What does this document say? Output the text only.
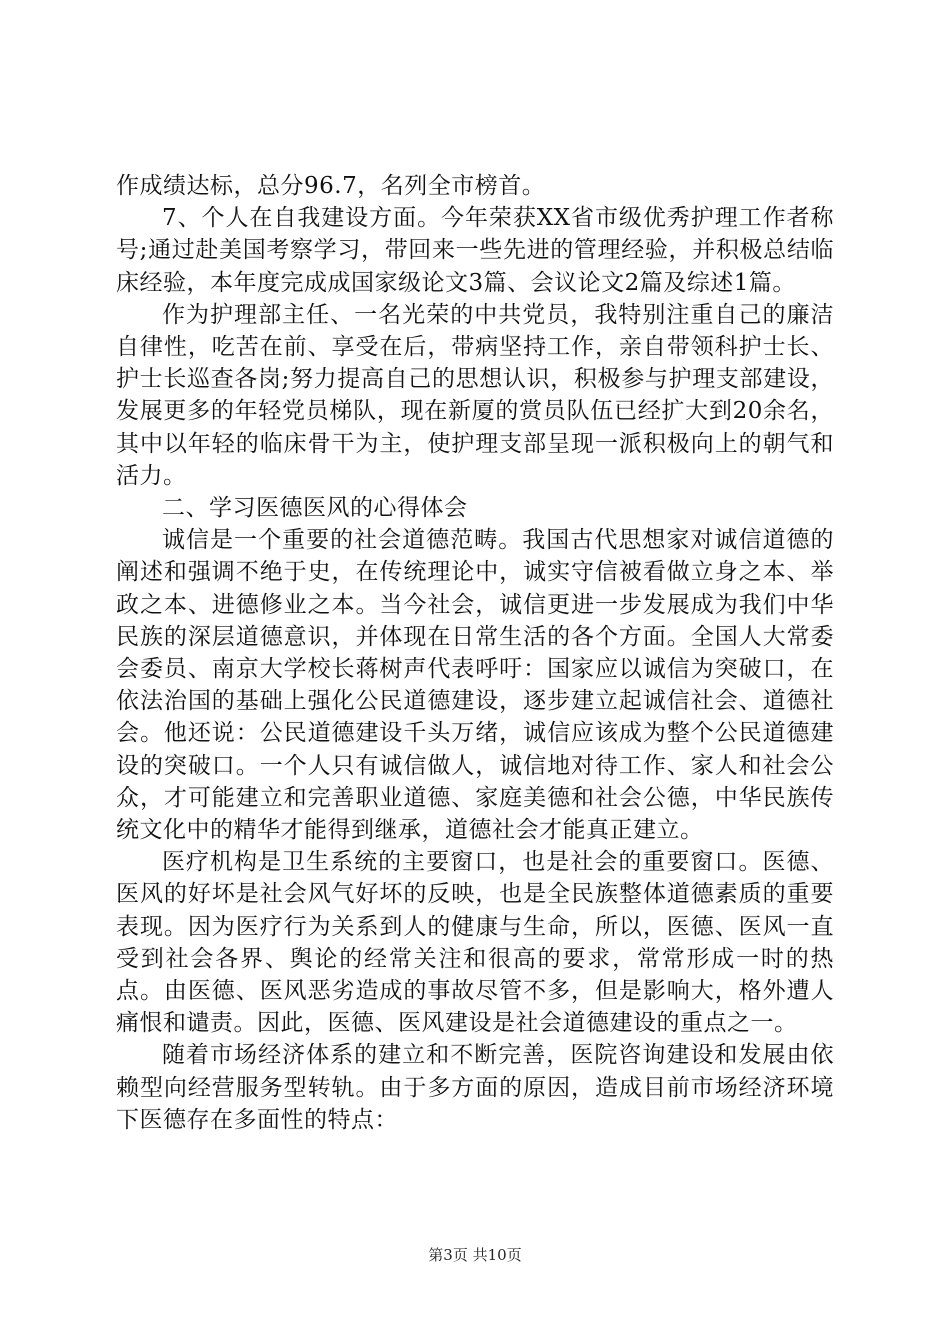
作成绩达标，总分96.7，名列全市榜首。

7、个人在自我建设方面。今年荣获XX省市级优秀护理工作者称号;通过赴美国考察学习，带回来一些先进的管理经验，并积极总结临床经验，本年度完成成国家级论文3篇、会议论文2篇及综述1篇。

作为护理部主任、一名光荣的中共党员，我特别注重自己的廉洁自律性，吃苦在前、享受在后，带病坚持工作，亲自带领科护士长、护士长巡查各岗;努力提高自己的思想认识，积极参与护理支部建设，发展更多的年轻党员梯队，现在新厦的赏员队伍已经扩大到20余名，其中以年轻的临床骨干为主，使护理支部呈现一派积极向上的朝气和活力。

二、学习医德医风的心得体会

诚信是一个重要的社会道德范畴。我国古代思想家对诚信道德的阐述和强调不绝于史，在传统理论中，诚实守信被看做立身之本、举政之本、进德修业之本。当今社会，诚信更进一步发展成为我们中华民族的深层道德意识，并体现在日常生活的各个方面。全国人大常委会委员、南京大学校长蒋树声代表呼吁：国家应以诚信为突破口，在依法治国的基础上强化公民道德建设，逐步建立起诚信社会、道德社会。他还说：公民道德建设千头万绪，诚信应该成为整个公民道德建设的突破口。一个人只有诚信做人，诚信地对待工作、家人和社会公众，才可能建立和完善职业道德、家庭美德和社会公德，中华民族传统文化中的精华才能得到继承，道德社会才能真正建立。

医疗机构是卫生系统的主要窗口，也是社会的重要窗口。医德、医风的好坏是社会风气好坏的反映，也是全民族整体道德素质的重要表现。因为医疗行为关系到人的健康与生命，所以，医德、医风一直受到社会各界、舆论的经常关注和很高的要求，常常形成一时的热点。由医德、医风恶劣造成的事故尽管不多，但是影响大，格外遭人痛恨和谴责。因此，医德、医风建设是社会道德建设的重点之一。

随着市场经济体系的建立和不断完善，医院咨询建设和发展由依赖型向经营服务型转轨。由于多方面的原因，造成目前市场经济环境下医德存在多面性的特点：

第3页 共10页
